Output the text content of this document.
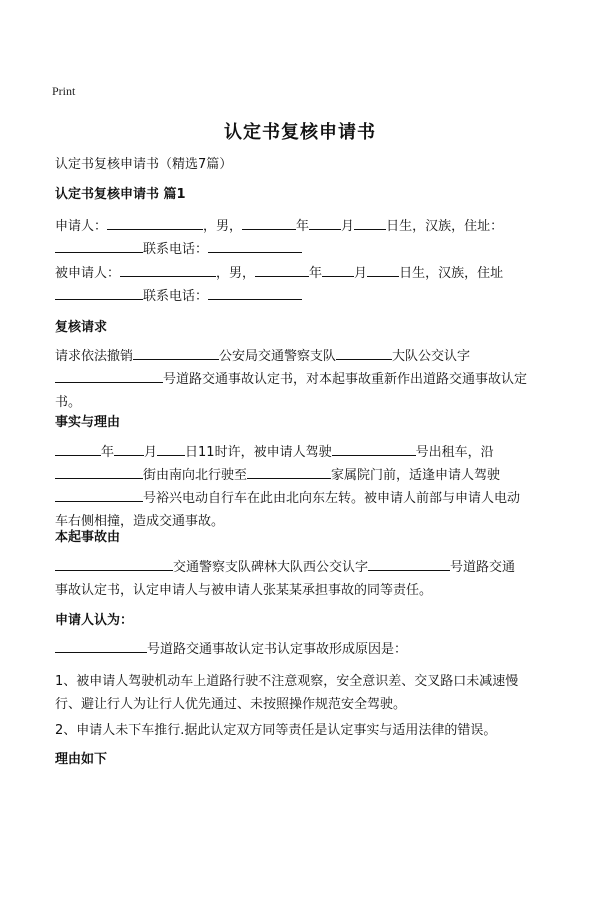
Print
认定书复核申请书
认定书复核申请书（精选7篇）
认定书复核申请书 篇1
申请人：	，男，	年 月 日生，汉族，住址：
联系电话：
被申请人：	，男，	年 月 日生，汉族，住址
联系电话：
复核请求
请求依法撤销	公安局交通警察支队	大队公交认字
号道路交通事故认定书，对本起事故重新作出道路交通事故认定
书。
事实与理由
年 月 日11时许，被申请人驾驶	号出租车，沿
街由南向北行驶至	家属院门前，适逢申请人驾驶
号裕兴电动自行车在此由北向东左转。被申请人前部与申请人电动
车右侧相撞，造成交通事故。
本起事故由
交通警察支队碑林大队西公交认字	号道路交通
事故认定书，认定申请人与被申请人张某某承担事故的同等责任。
申请人认为：
号道路交通事故认定书认定事故形成原因是：
1、被申请人驾驶机动车上道路行驶不注意观察，安全意识差、交叉路口未减速慢
行、避让行人为让行人优先通过、未按照操作规范安全驾驶。
2、申请人未下车推行.据此认定双方同等责任是认定事实与适用法律的错误。
理由如下
